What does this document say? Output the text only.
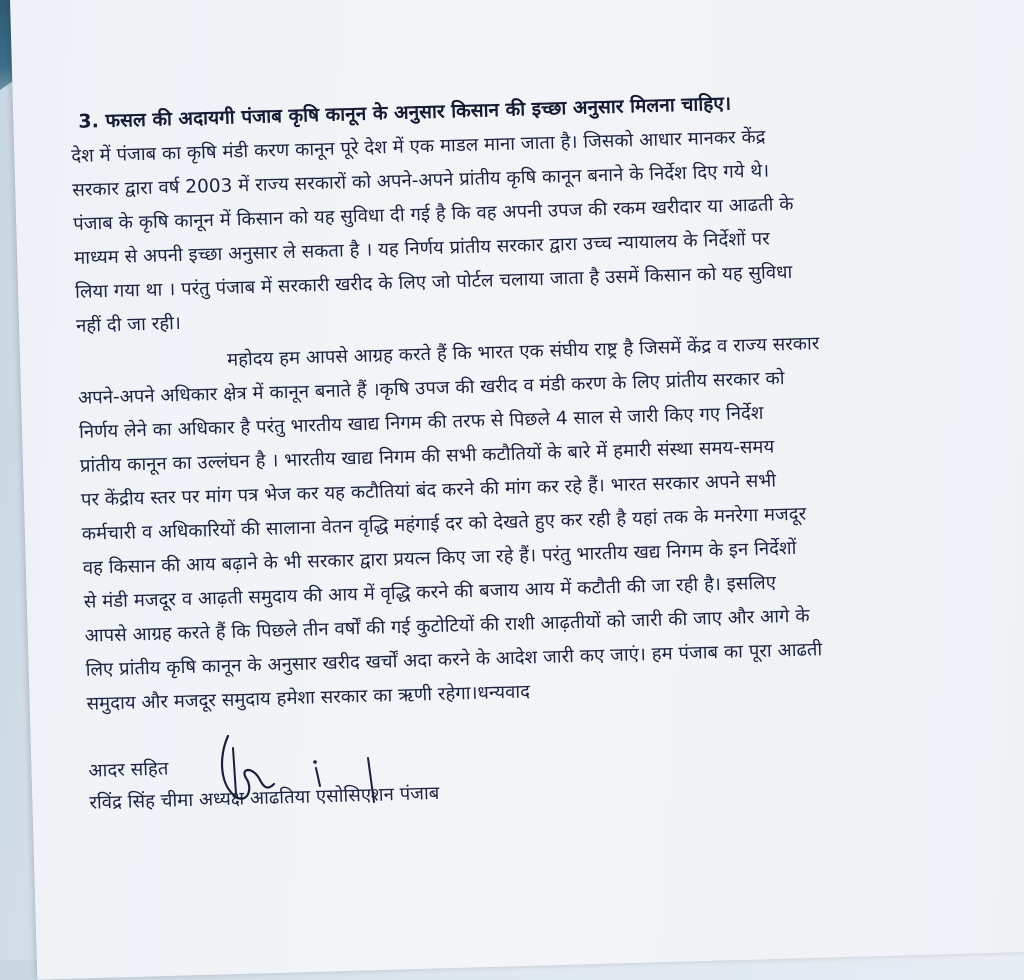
3. फसल की अदायगी पंजाब कृषि कानून के अनुसार किसान की इच्छा अनुसार मिलना चाहिए।

देश में पंजाब का कृषि मंडी करण कानून पूरे देश में एक माडल माना जाता है। जिसको आधार मानकर केंद्र

सरकार द्वारा वर्ष 2003 में राज्य सरकारों को अपने-अपने प्रांतीय कृषि कानून बनाने के निर्देश दिए गये थे।

पंजाब के कृषि कानून में किसान को यह सुविधा दी गई है कि वह अपनी उपज की रकम खरीदार या आढती के

माध्यम से अपनी इच्छा अनुसार ले सकता है । यह निर्णय प्रांतीय सरकार द्वारा उच्च न्यायालय के निर्देशों पर

लिया गया था । परंतु पंजाब में सरकारी खरीद के लिए जो पोर्टल चलाया जाता है उसमें किसान को यह सुविधा

नहीं दी जा रही।

महोदय हम आपसे आग्रह करते हैं कि भारत एक संघीय राष्ट्र है जिसमें केंद्र व राज्य सरकार

अपने-अपने अधिकार क्षेत्र में कानून बनाते हैं ।कृषि उपज की खरीद व मंडी करण के लिए प्रांतीय सरकार को

निर्णय लेने का अधिकार है परंतु भारतीय खाद्य निगम की तरफ से पिछले 4 साल से जारी किए गए निर्देश

प्रांतीय कानून का उल्लंघन है । भारतीय खाद्य निगम की सभी कटौतियों के बारे में हमारी संस्था समय-समय

पर केंद्रीय स्तर पर मांग पत्र भेज कर यह कटौतियां बंद करने की मांग कर रहे हैं। भारत सरकार अपने सभी

कर्मचारी व अधिकारियों की सालाना वेतन वृद्धि महंगाई दर को देखते हुए कर रही है यहां तक के मनरेगा मजदूर

वह किसान की आय बढ़ाने के भी सरकार द्वारा प्रयत्न किए जा रहे हैं। परंतु भारतीय खद्य निगम के इन निर्देशों

से मंडी मजदूर व आढ़ती समुदाय की आय में वृद्धि करने की बजाय आय में कटौती की जा रही है। इसलिए

आपसे आग्रह करते हैं कि पिछले तीन वर्षों की गई कुटोटियों की राशी आढ़तीयों को जारी की जाए और आगे के

लिए प्रांतीय कृषि कानून के अनुसार खरीद खर्चों अदा करने के आदेश जारी कए जाएं। हम पंजाब का पूरा आढती

समुदाय और मजदूर समुदाय हमेशा सरकार का ऋणी रहेगा।धन्यवाद

आदर सहित
रविंद्र सिंह चीमा अध्यक्ष आढतिया एसोसिएशन पंजाब
